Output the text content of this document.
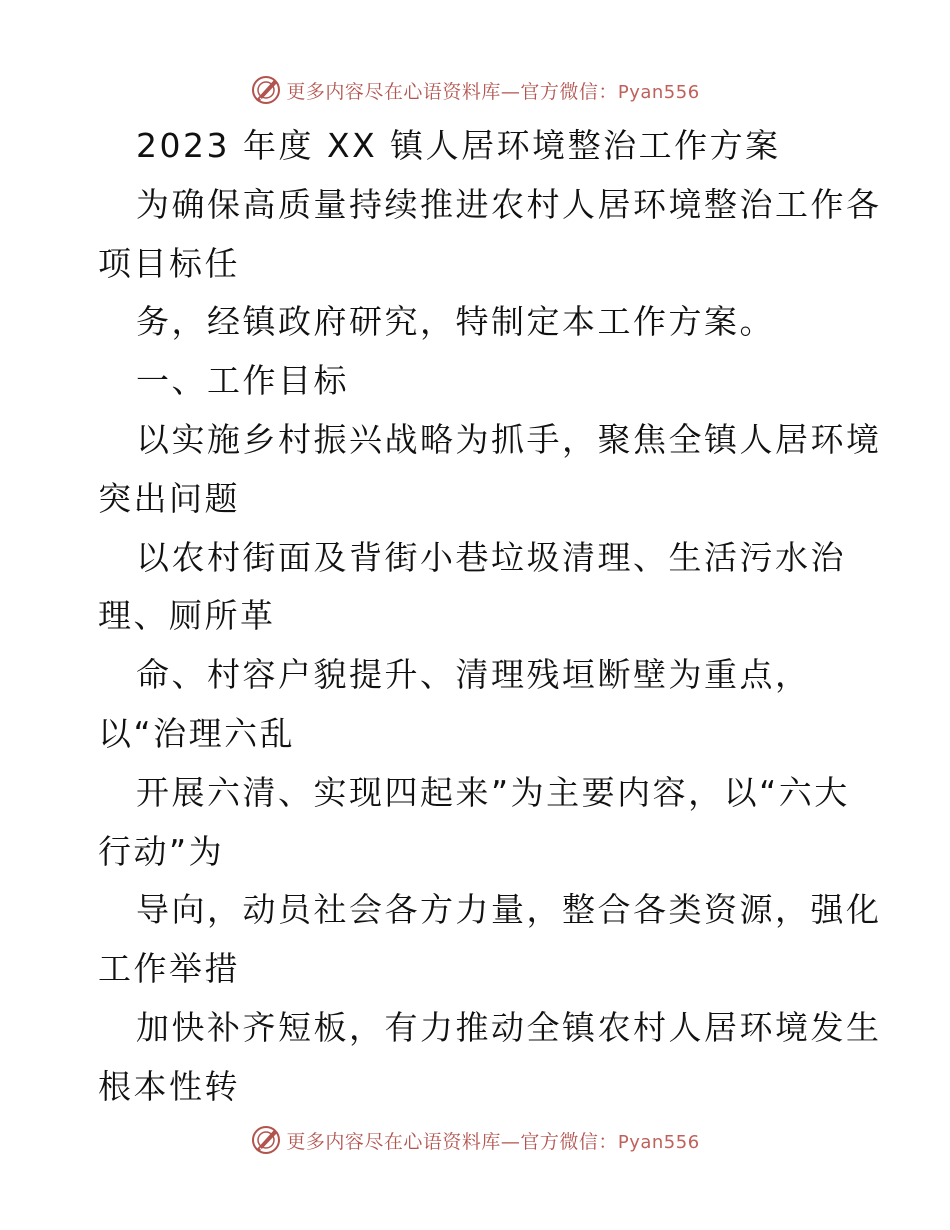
更多内容尽在心语资料库—官方微信：Pyan556
2023 年度 XX 镇人居环境整治工作方案
为确保高质量持续推进农村人居环境整治工作各
项目标任
务，经镇政府研究，特制定本工作方案。
一、工作目标
以实施乡村振兴战略为抓手，聚焦全镇人居环境
突出问题
以农村街面及背街小巷垃圾清理、生活污水治
理、厕所革
命、村容户貌提升、清理残垣断壁为重点，
以“治理六乱
开展六清、实现四起来”为主要内容，以“六大
行动”为
导向，动员社会各方力量，整合各类资源，强化
工作举措
加快补齐短板，有力推动全镇农村人居环境发生
根本性转
更多内容尽在心语资料库—官方微信：Pyan556
